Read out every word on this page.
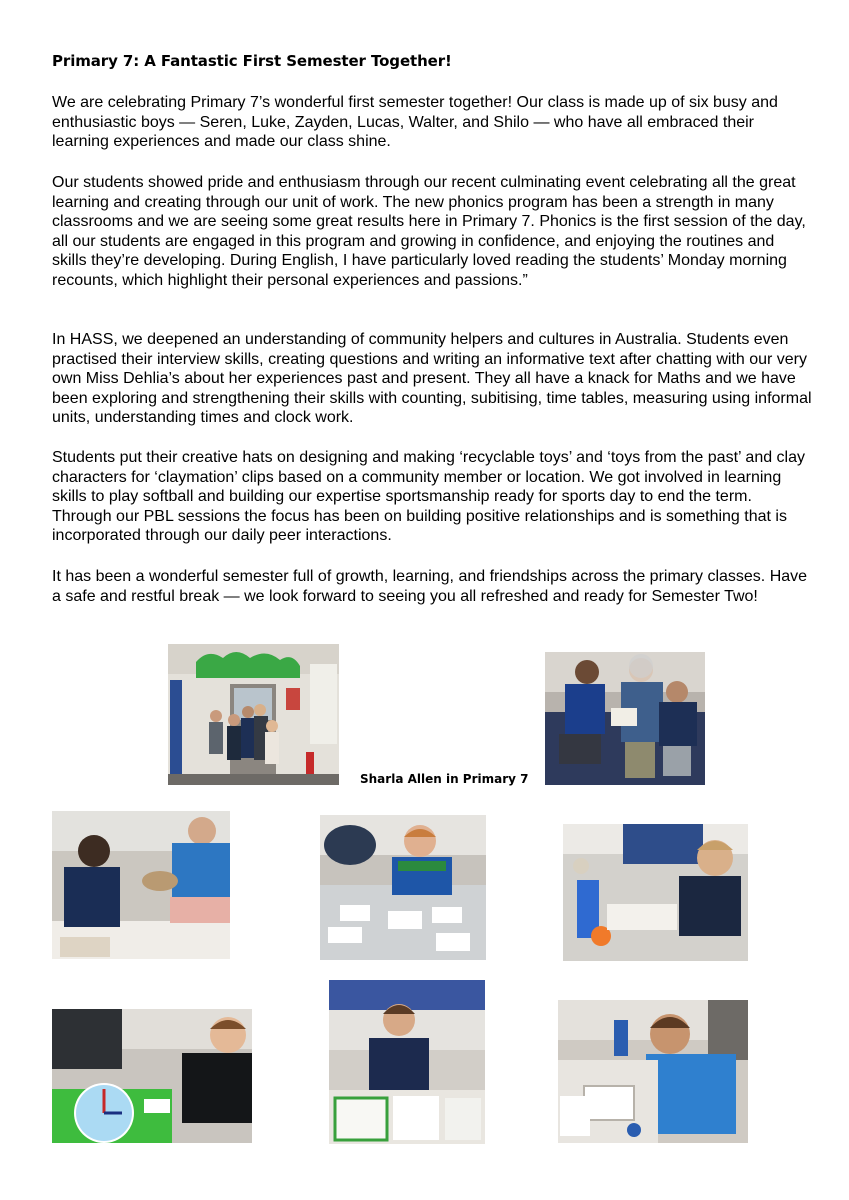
Primary 7: A Fantastic First Semester Together!
We are celebrating Primary 7’s wonderful first semester together! Our class is made up of six busy and enthusiastic boys — Seren, Luke, Zayden, Lucas, Walter, and Shilo — who have all embraced their learning experiences and made our class shine.
Our students showed pride and enthusiasm through our recent culminating event celebrating all the great learning and creating through our unit of work. The new phonics program has been a strength in many classrooms and we are seeing some great results here in Primary 7. Phonics is the first session of the day, all our students are engaged in this program and growing in confidence, and enjoying the routines and skills they’re developing. During English, I have particularly loved reading the students’ Monday morning recounts, which highlight their personal experiences and passions.”
In HASS, we deepened an understanding of community helpers and cultures in Australia. Students even practised their interview skills, creating questions and writing an informative text after chatting with our very own Miss Dehlia’s about her experiences past and present. They all have a knack for Maths and we have been exploring and strengthening their skills with counting, subitising, time tables, measuring using informal units, understanding times and clock work.
Students put their creative hats on designing and making ‘recyclable toys’ and ‘toys from the past’ and clay characters for ‘claymation’ clips based on a community member or location. We got involved in learning skills to play softball and building our expertise sportsmanship ready for sports day to end the term. Through our PBL sessions the focus has been on building positive relationships and is something that is incorporated through our daily peer interactions.
It has been a wonderful semester full of growth, learning, and friendships across the primary classes. Have a safe and restful break — we look forward to seeing you all refreshed and ready for Semester Two!
Sharla Allen in Primary 7
